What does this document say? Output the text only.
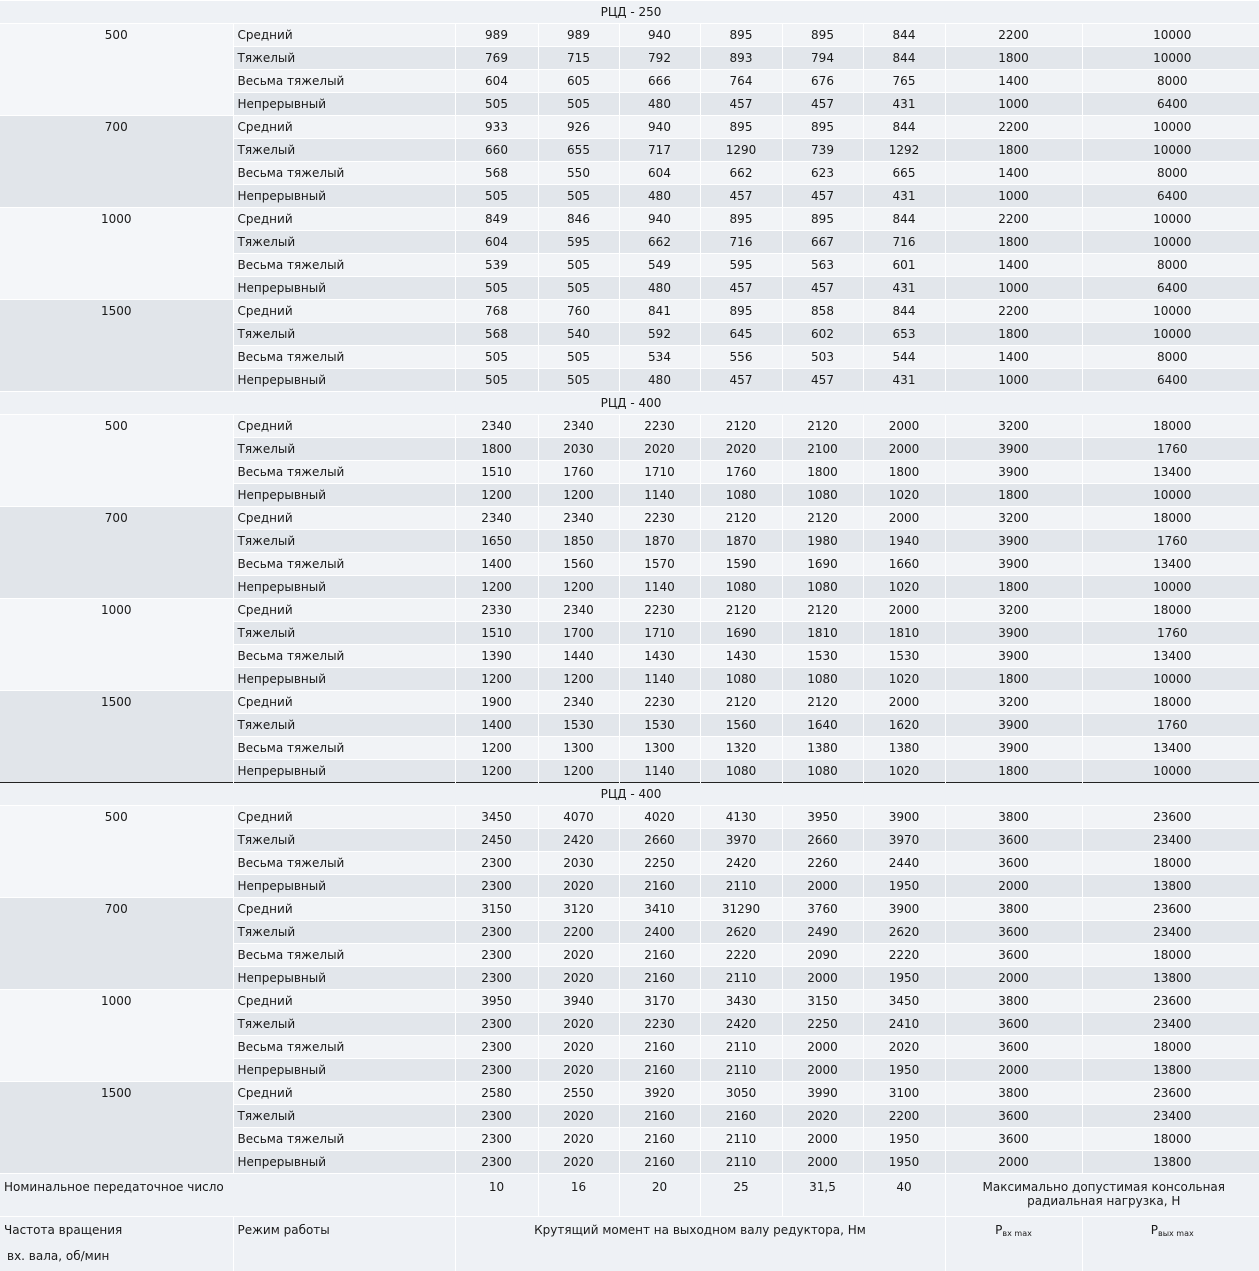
РЦД - 250									
500	Средний	989	989	940	895	895	844	2200	10000
	Тяжелый	769	715	792	893	794	844	1800	10000
	Весьма тяжелый	604	605	666	764	676	765	1400	8000
	Непрерывный	505	505	480	457	457	431	1000	6400
700	Средний	933	926	940	895	895	844	2200	10000
	Тяжелый	660	655	717	1290	739	1292	1800	10000
	Весьма тяжелый	568	550	604	662	623	665	1400	8000
	Непрерывный	505	505	480	457	457	431	1000	6400
1000	Средний	849	846	940	895	895	844	2200	10000
	Тяжелый	604	595	662	716	667	716	1800	10000
	Весьма тяжелый	539	505	549	595	563	601	1400	8000
	Непрерывный	505	505	480	457	457	431	1000	6400
1500	Средний	768	760	841	895	858	844	2200	10000
	Тяжелый	568	540	592	645	602	653	1800	10000
	Весьма тяжелый	505	505	534	556	503	544	1400	8000
	Непрерывный	505	505	480	457	457	431	1000	6400
РЦД - 400									
500	Средний	2340	2340	2230	2120	2120	2000	3200	18000
	Тяжелый	1800	2030	2020	2020	2100	2000	3900	1760
	Весьма тяжелый	1510	1760	1710	1760	1800	1800	3900	13400
	Непрерывный	1200	1200	1140	1080	1080	1020	1800	10000
700	Средний	2340	2340	2230	2120	2120	2000	3200	18000
	Тяжелый	1650	1850	1870	1870	1980	1940	3900	1760
	Весьма тяжелый	1400	1560	1570	1590	1690	1660	3900	13400
	Непрерывный	1200	1200	1140	1080	1080	1020	1800	10000
1000	Средний	2330	2340	2230	2120	2120	2000	3200	18000
	Тяжелый	1510	1700	1710	1690	1810	1810	3900	1760
	Весьма тяжелый	1390	1440	1430	1430	1530	1530	3900	13400
	Непрерывный	1200	1200	1140	1080	1080	1020	1800	10000
1500	Средний	1900	2340	2230	2120	2120	2000	3200	18000
	Тяжелый	1400	1530	1530	1560	1640	1620	3900	1760
	Весьма тяжелый	1200	1300	1300	1320	1380	1380	3900	13400
	Непрерывный	1200	1200	1140	1080	1080	1020	1800	10000
РЦД - 400									
500	Средний	3450	4070	4020	4130	3950	3900	3800	23600
	Тяжелый	2450	2420	2660	3970	2660	3970	3600	23400
	Весьма тяжелый	2300	2030	2250	2420	2260	2440	3600	18000
	Непрерывный	2300	2020	2160	2110	2000	1950	2000	13800
700	Средний	3150	3120	3410	31290	3760	3900	3800	23600
	Тяжелый	2300	2200	2400	2620	2490	2620	3600	23400
	Весьма тяжелый	2300	2020	2160	2220	2090	2220	3600	18000
	Непрерывный	2300	2020	2160	2110	2000	1950	2000	13800
1000	Средний	3950	3940	3170	3430	3150	3450	3800	23600
	Тяжелый	2300	2020	2230	2420	2250	2410	3600	23400
	Весьма тяжелый	2300	2020	2160	2110	2000	2020	3600	18000
	Непрерывный	2300	2020	2160	2110	2000	1950	2000	13800
1500	Средний	2580	2550	3920	3050	3990	3100	3800	23600
	Тяжелый	2300	2020	2160	2160	2020	2200	3600	23400
	Весьма тяжелый	2300	2020	2160	2110	2000	1950	3600	18000
	Непрерывный	2300	2020	2160	2110	2000	1950	2000	13800
Номинальное передаточное число		10	16	20	25	31,5	40	Максимально допустимая консольная радиальная нагрузка, Н	

Частота вращения
вх. вала, об/мин	Режим работы	Крутящий момент на выходном валу редуктора, Нм						$P_{вх max}$	$P_{вых max}$
